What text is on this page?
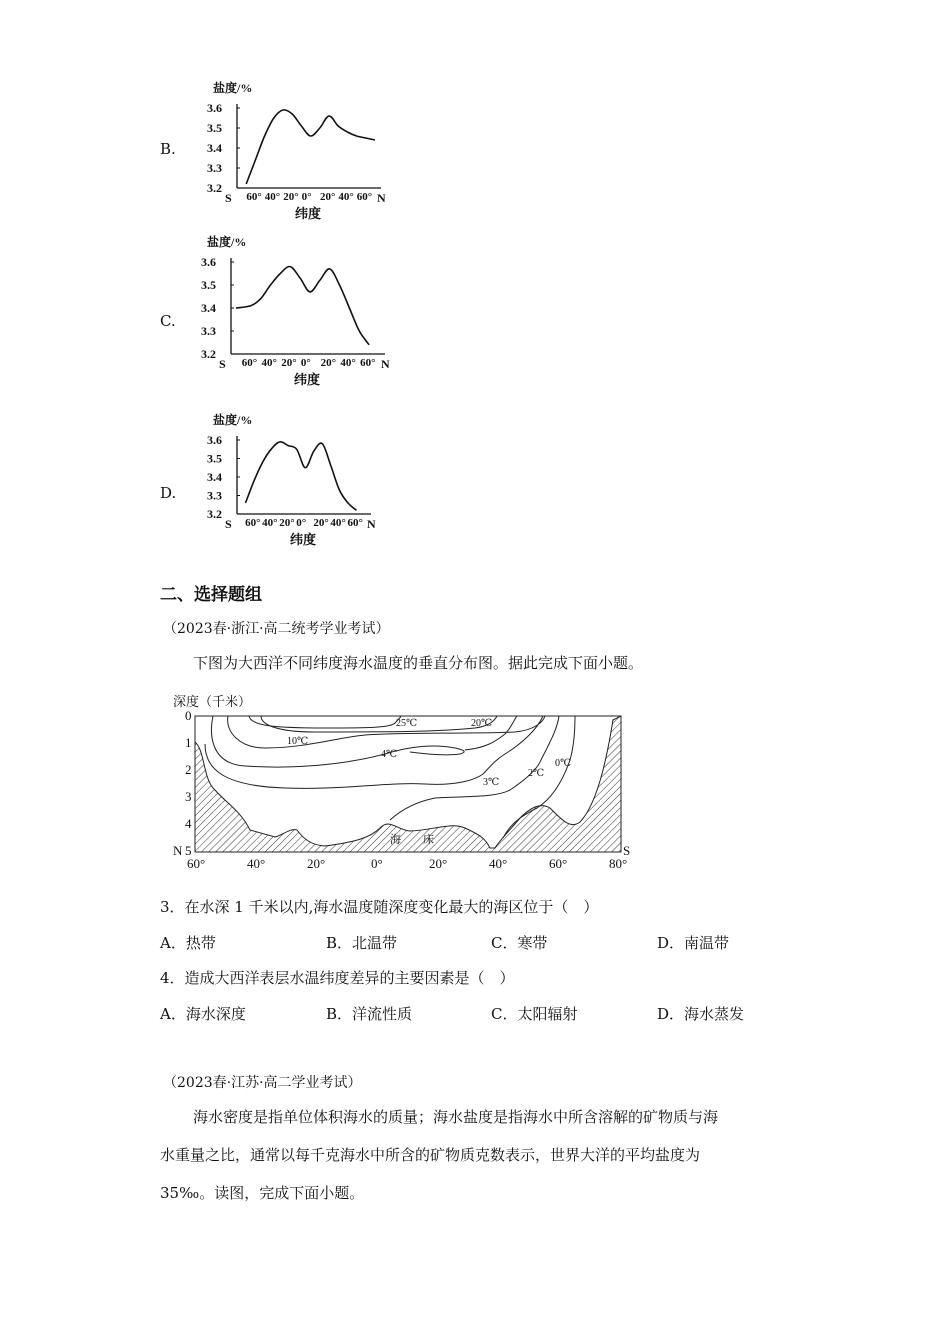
B.
盐度/%
3.6
3.5
3.4
3.3
3.2
60° 40° 20° 0° 20° 40° 60°
S	N
纬度
C.
盐度/%
3.6
3.5
3.4
3.3
3.2
60° 40° 20° 0° 20° 40° 60°
S	N
纬度
D.
盐度/%
3.6
3.5
3.4
3.3
3.2
60° 40° 20° 0° 20° 40° 60°
S	N
纬度
二、选择题组
（2023春·浙江·高二统考学业考试）
下图为大西洋不同纬度海水温度的垂直分布图。据此完成下面小题。
深度（千米）
0
1
2
3
4
5
N	S
海　　床
25℃	20℃
10℃
4℃
3℃
2℃
0℃
60°	40°	20°	0°	20°	40°	60°	80°
3．在水深 1 千米以内,海水温度随深度变化最大的海区位于（　）
A．热带	B．北温带	C．寒带	D．南温带
4．造成大西洋表层水温纬度差异的主要因素是（　）
A．海水深度	B．洋流性质	C．太阳辐射	D．海水蒸发
（2023春·江苏·高二学业考试）
海水密度是指单位体积海水的质量；海水盐度是指海水中所含溶解的矿物质与海
水重量之比，通常以每千克海水中所含的矿物质克数表示，世界大洋的平均盐度为
35‰。读图，完成下面小题。
